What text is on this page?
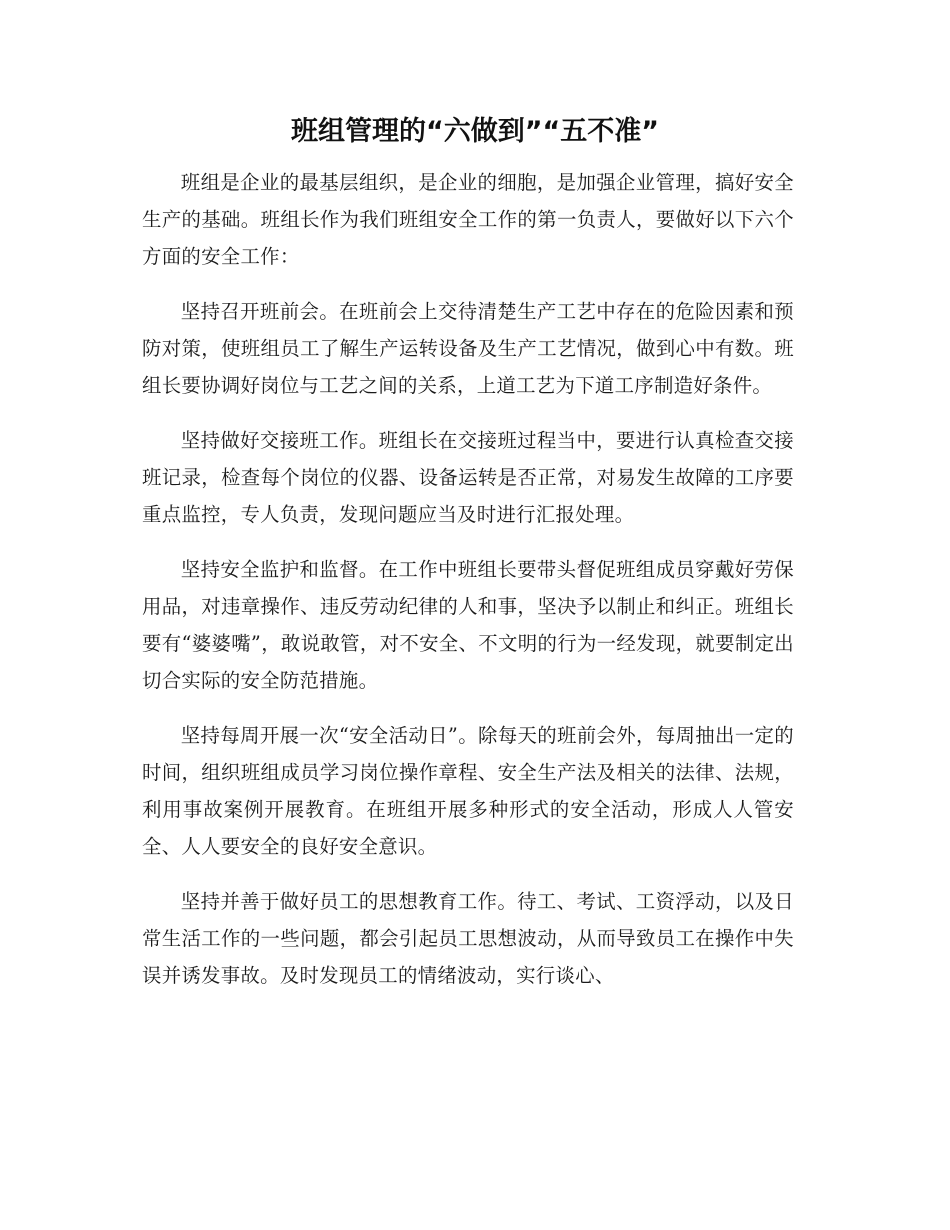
班组管理的“六做到”“五不准”

班组是企业的最基层组织，是企业的细胞，是加强企业管理，搞好安全生产的基础。班组长作为我们班组安全工作的第一负责人，要做好以下六个方面的安全工作：

坚持召开班前会。在班前会上交待清楚生产工艺中存在的危险因素和预防对策，使班组员工了解生产运转设备及生产工艺情况，做到心中有数。班组长要协调好岗位与工艺之间的关系，上道工艺为下道工序制造好条件。

坚持做好交接班工作。班组长在交接班过程当中，要进行认真检查交接班记录，检查每个岗位的仪器、设备运转是否正常，对易发生故障的工序要重点监控，专人负责，发现问题应当及时进行汇报处理。

坚持安全监护和监督。在工作中班组长要带头督促班组成员穿戴好劳保用品，对违章操作、违反劳动纪律的人和事，坚决予以制止和纠正。班组长要有“婆婆嘴”，敢说敢管，对不安全、不文明的行为一经发现，就要制定出切合实际的安全防范措施。

坚持每周开展一次“安全活动日”。除每天的班前会外，每周抽出一定的时间，组织班组成员学习岗位操作章程、安全生产法及相关的法律、法规，利用事故案例开展教育。在班组开展多种形式的安全活动，形成人人管安全、人人要安全的良好安全意识。

坚持并善于做好员工的思想教育工作。待工、考试、工资浮动，以及日常生活工作的一些问题，都会引起员工思想波动，从而导致员工在操作中失误并诱发事故。及时发现员工的情绪波动，实行谈心、
